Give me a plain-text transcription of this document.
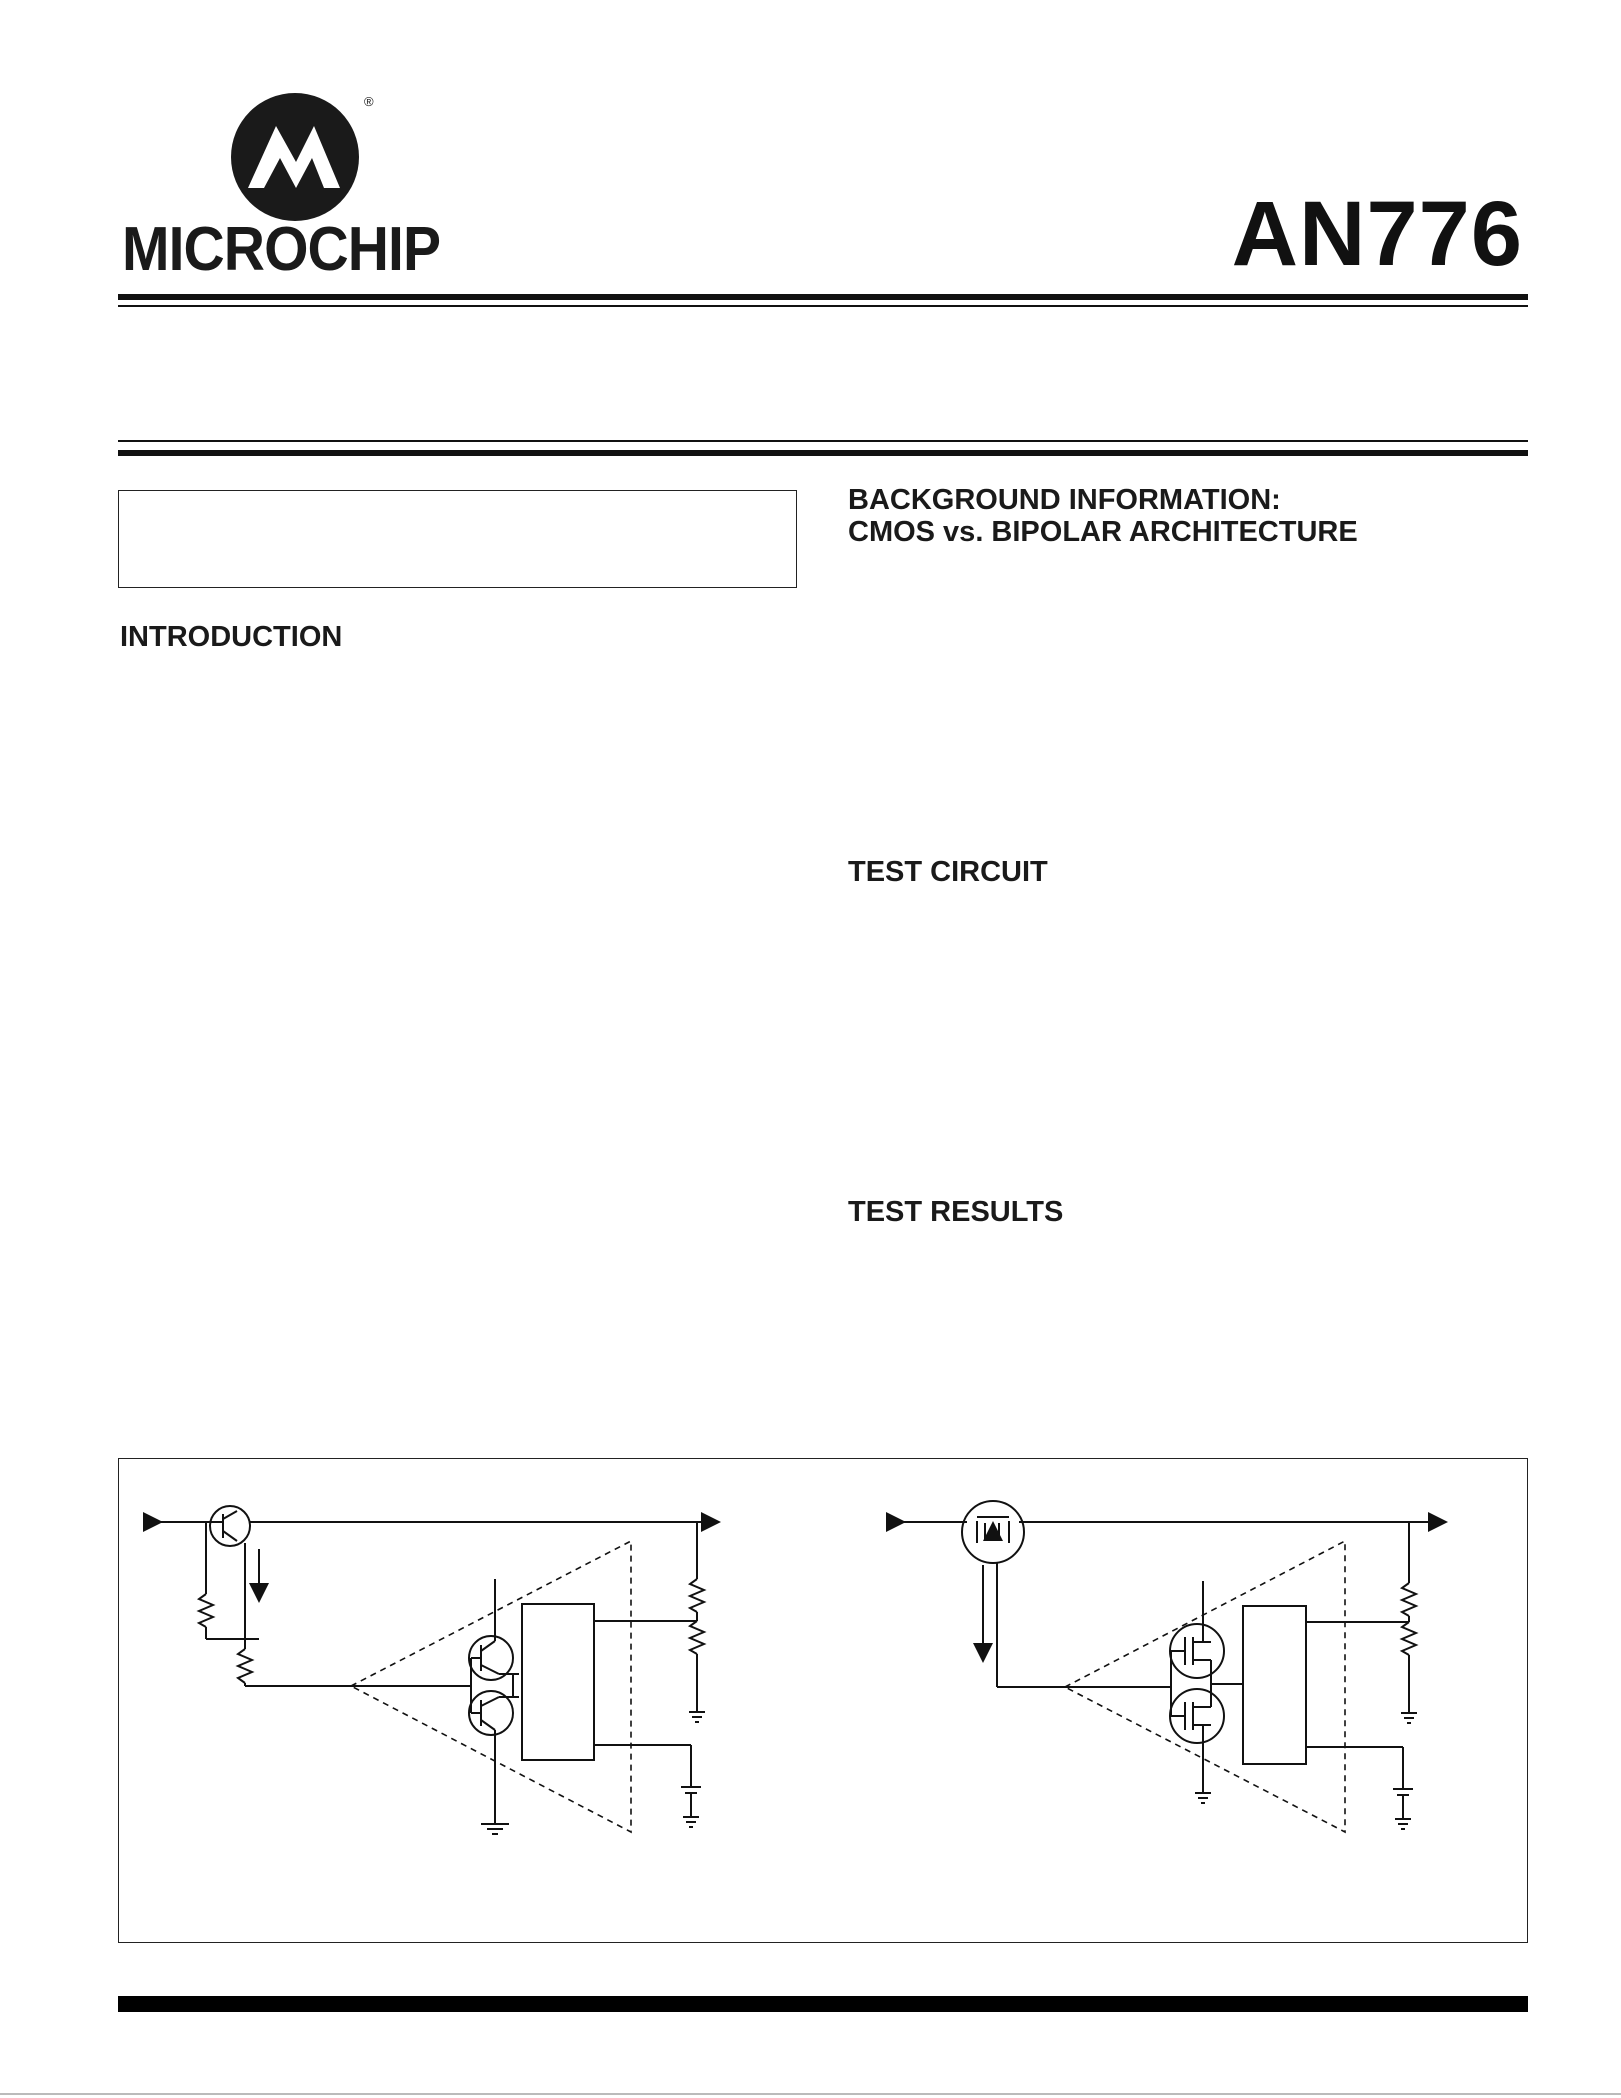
®
MICROCHIP	AN776
INTRODUCTION
BACKGROUND INFORMATION:
CMOS vs. BIPOLAR ARCHITECTURE
TEST CIRCUIT
TEST RESULTS
